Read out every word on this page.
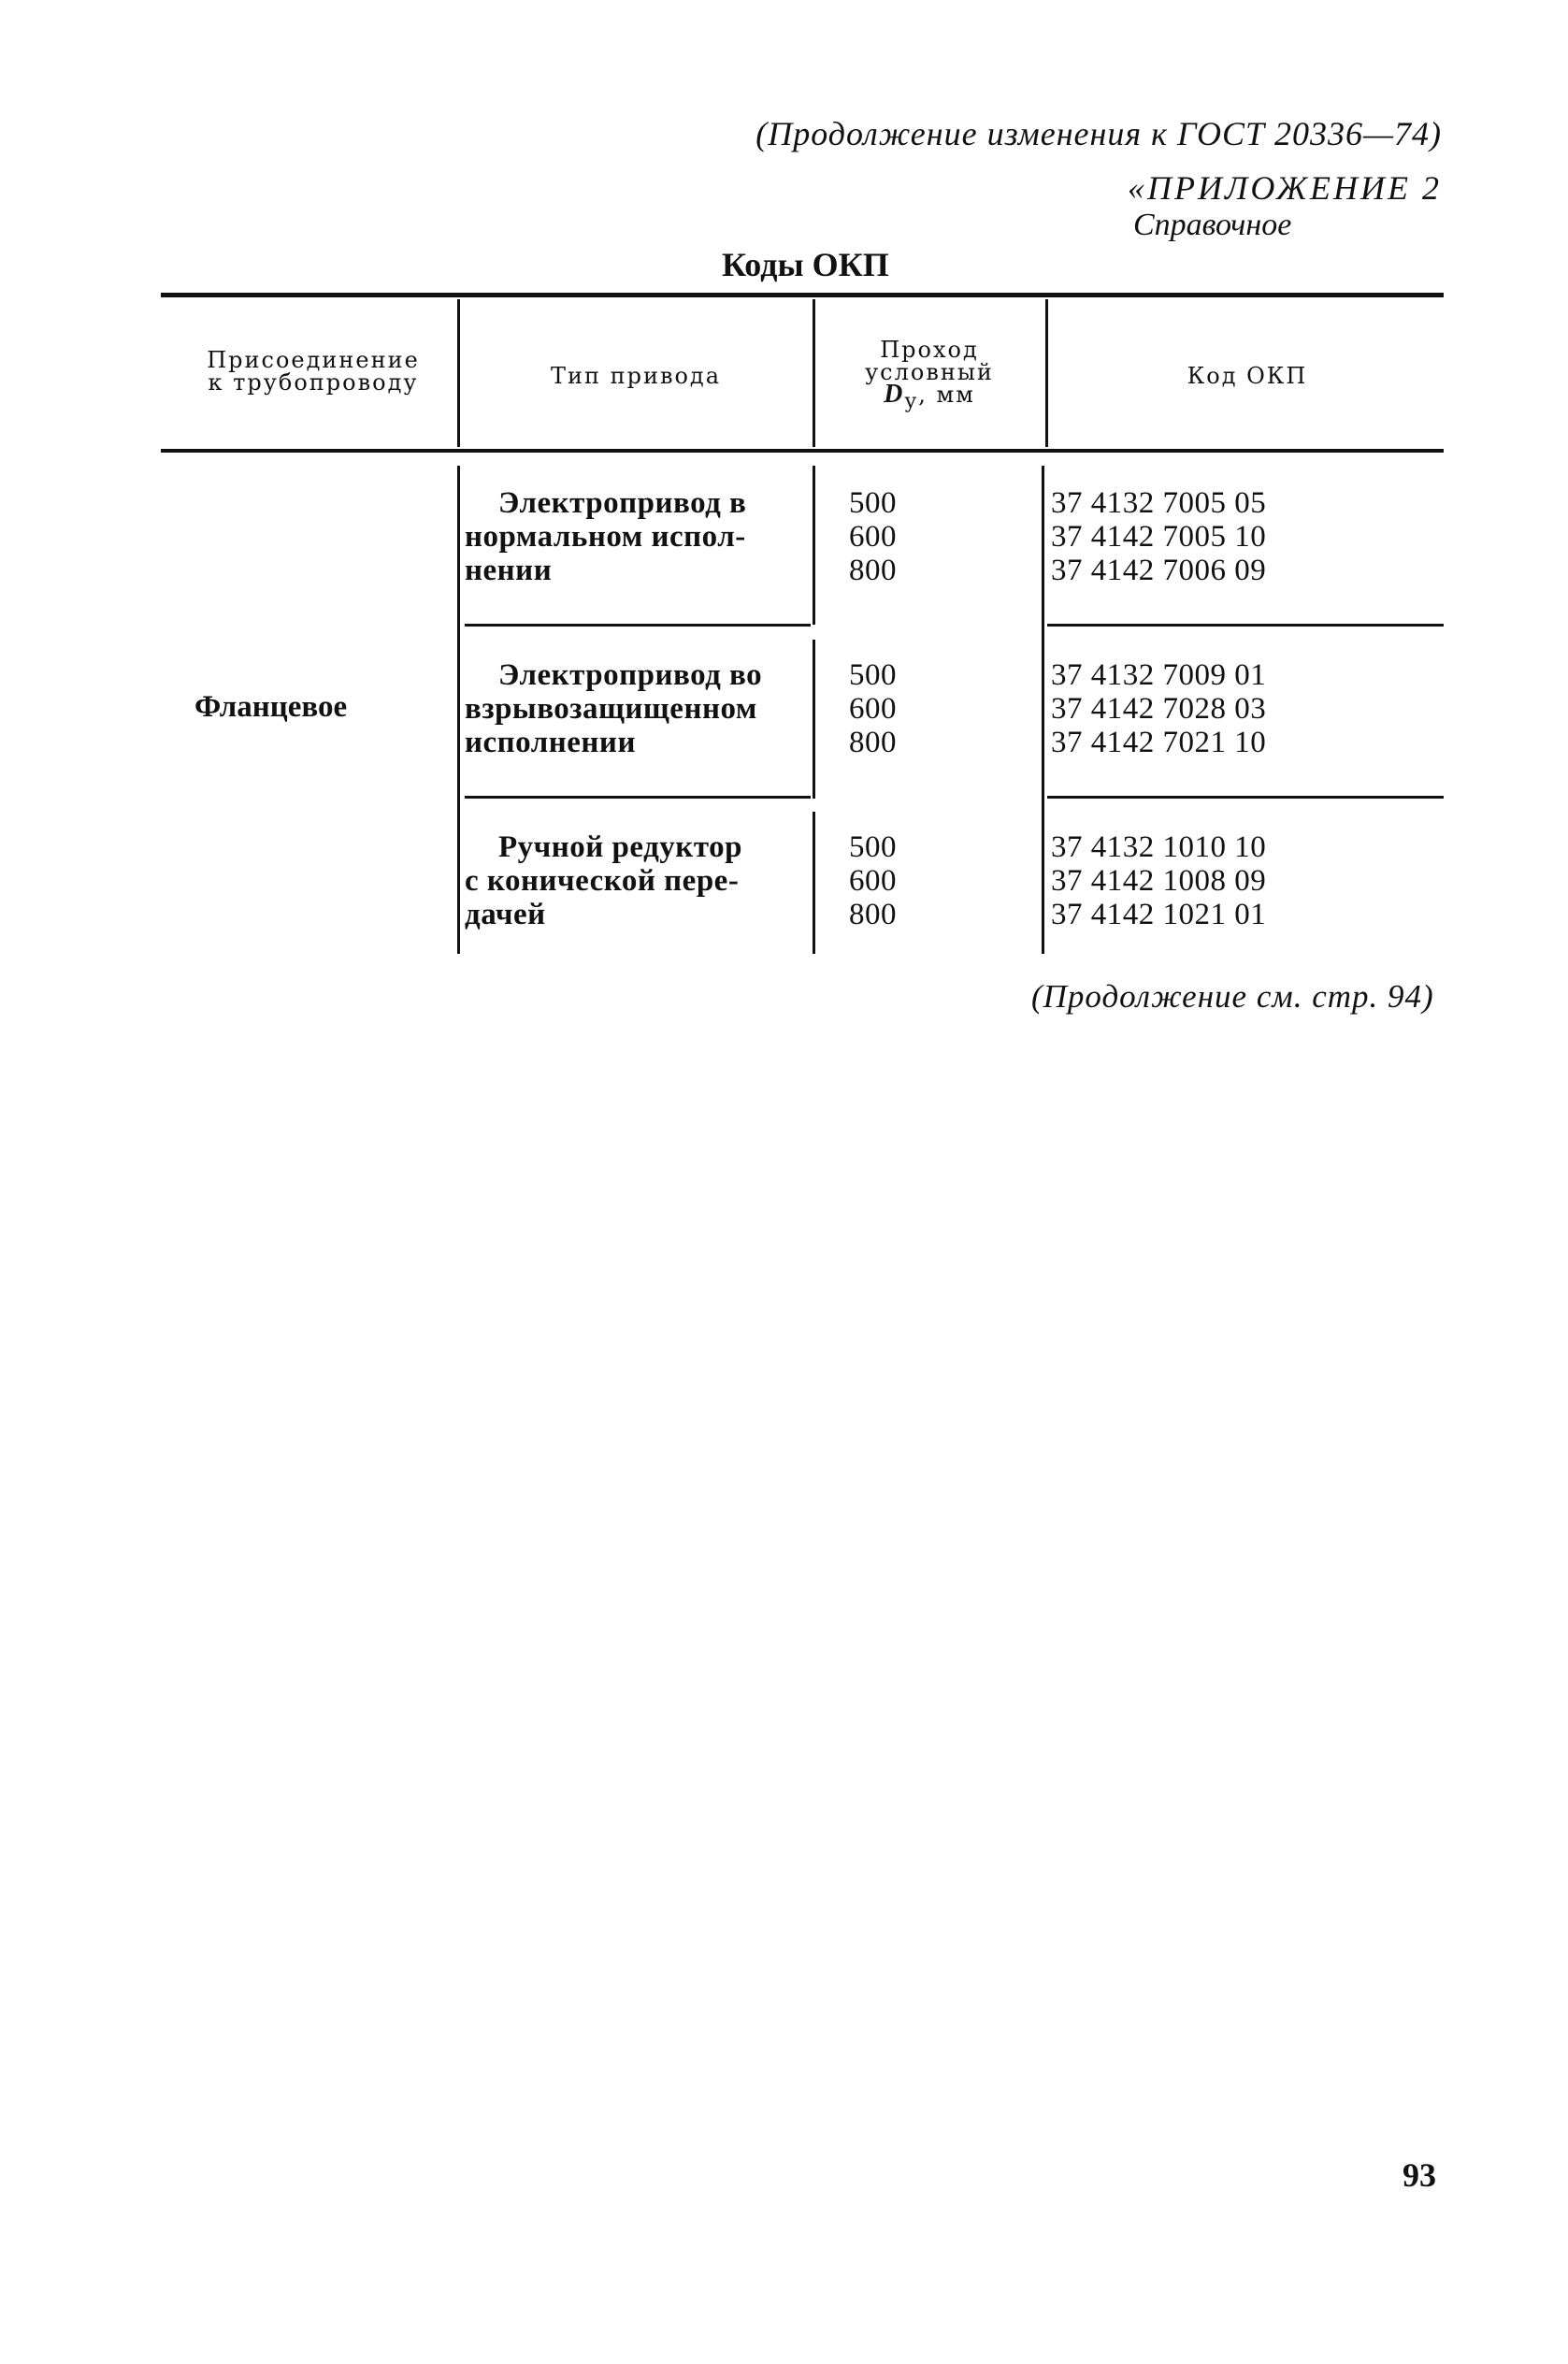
(Продолжение изменения к ГОСТ 20336—74)
«ПРИЛОЖЕНИЕ 2
Справочное
Коды ОКП
Присоединение
к трубопроводу	Тип привода
Проход
условный
$D_у$, мм
Код ОКП
Фланцевое
Электропривод в
нормальном испол-
нении
500
600
800
37 4132 7005 05
37 4142 7005 10
37 4142 7006 09
Электропривод во
взрывозащищенном
исполнении
500
600
800
37 4132 7009 01
37 4142 7028 03
37 4142 7021 10
Ручной редуктор
с конической пере-
дачей
500
600
800
37 4132 1010 10
37 4142 1008 09
37 4142 1021 01
(Продолжение см. стр. 94)
93
